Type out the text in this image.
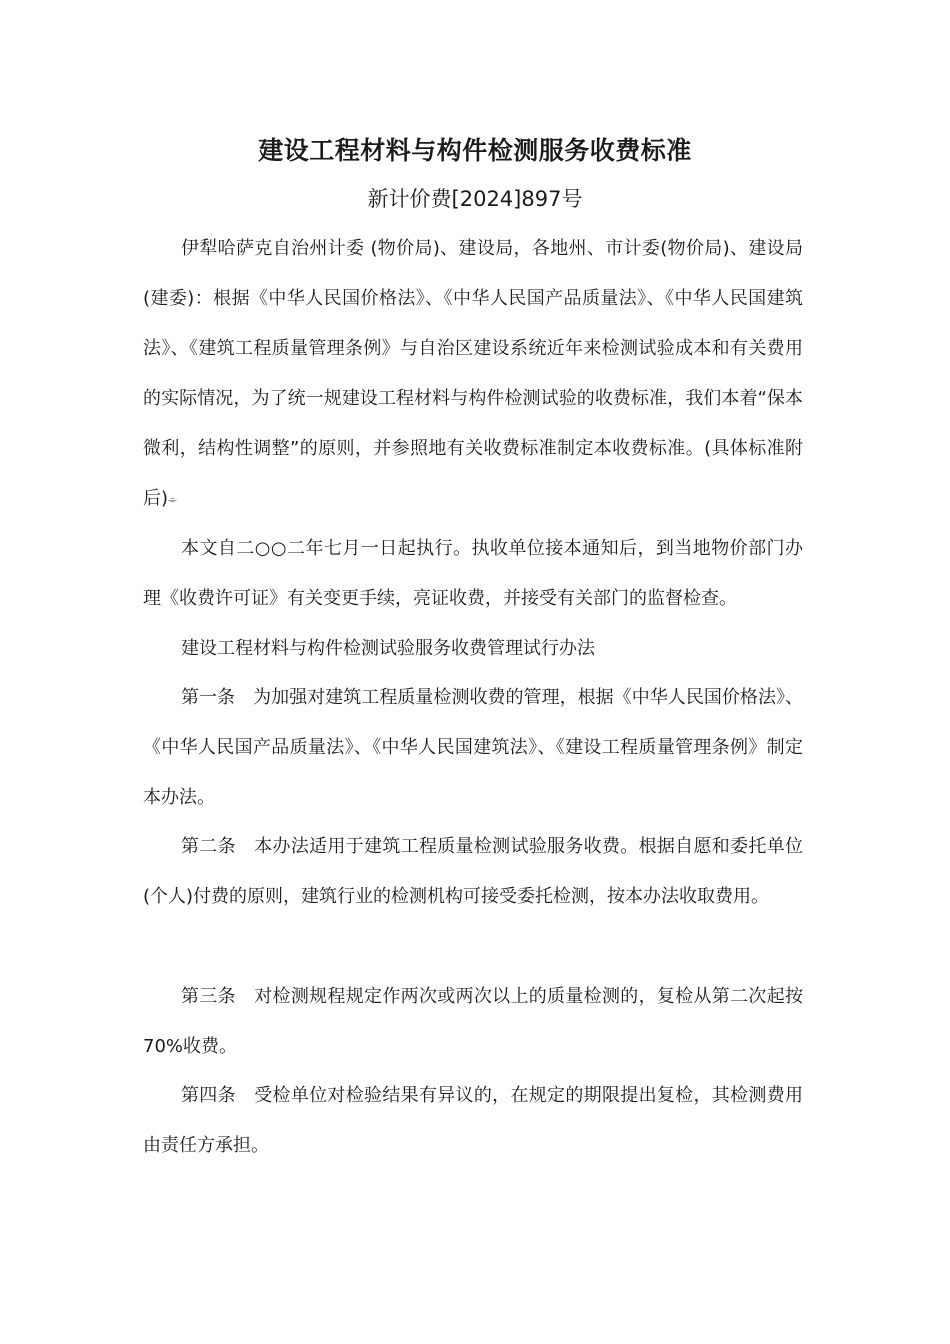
建设工程材料与构件检测服务收费标准
新计价费[2024]897号

伊犁哈萨克自治州计委 (物价局)、建设局，各地州、市计委(物价局)、建设局(建委)：根据《中华人民国价格法》、《中华人民国产品质量法》、《中华人民国建筑法》、《建筑工程质量管理条例》与自治区建设系统近年来检测试验成本和有关费用的实际情况，为了统一规建设工程材料与构件检测试验的收费标准，我们本着“保本微利，结构性调整”的原则，并参照地有关收费标准制定本收费标准。(具体标准附后)⌯

本文自二○○二年七月一日起执行。执收单位接本通知后，到当地物价部门办理《收费许可证》有关变更手续，亮证收费，并接受有关部门的监督检查。

建设工程材料与构件检测试验服务收费管理试行办法

第一条　为加强对建筑工程质量检测收费的管理，根据《中华人民国价格法》、《中华人民国产品质量法》、《中华人民国建筑法》、《建设工程质量管理条例》制定本办法。

第二条　本办法适用于建筑工程质量检测试验服务收费。根据自愿和委托单位(个人)付费的原则，建筑行业的检测机构可接受委托检测，按本办法收取费用。

第三条　对检测规程规定作两次或两次以上的质量检测的，复检从第二次起按 70%收费。

第四条　受检单位对检验结果有异议的，在规定的期限提出复检，其检测费用由责任方承担。
